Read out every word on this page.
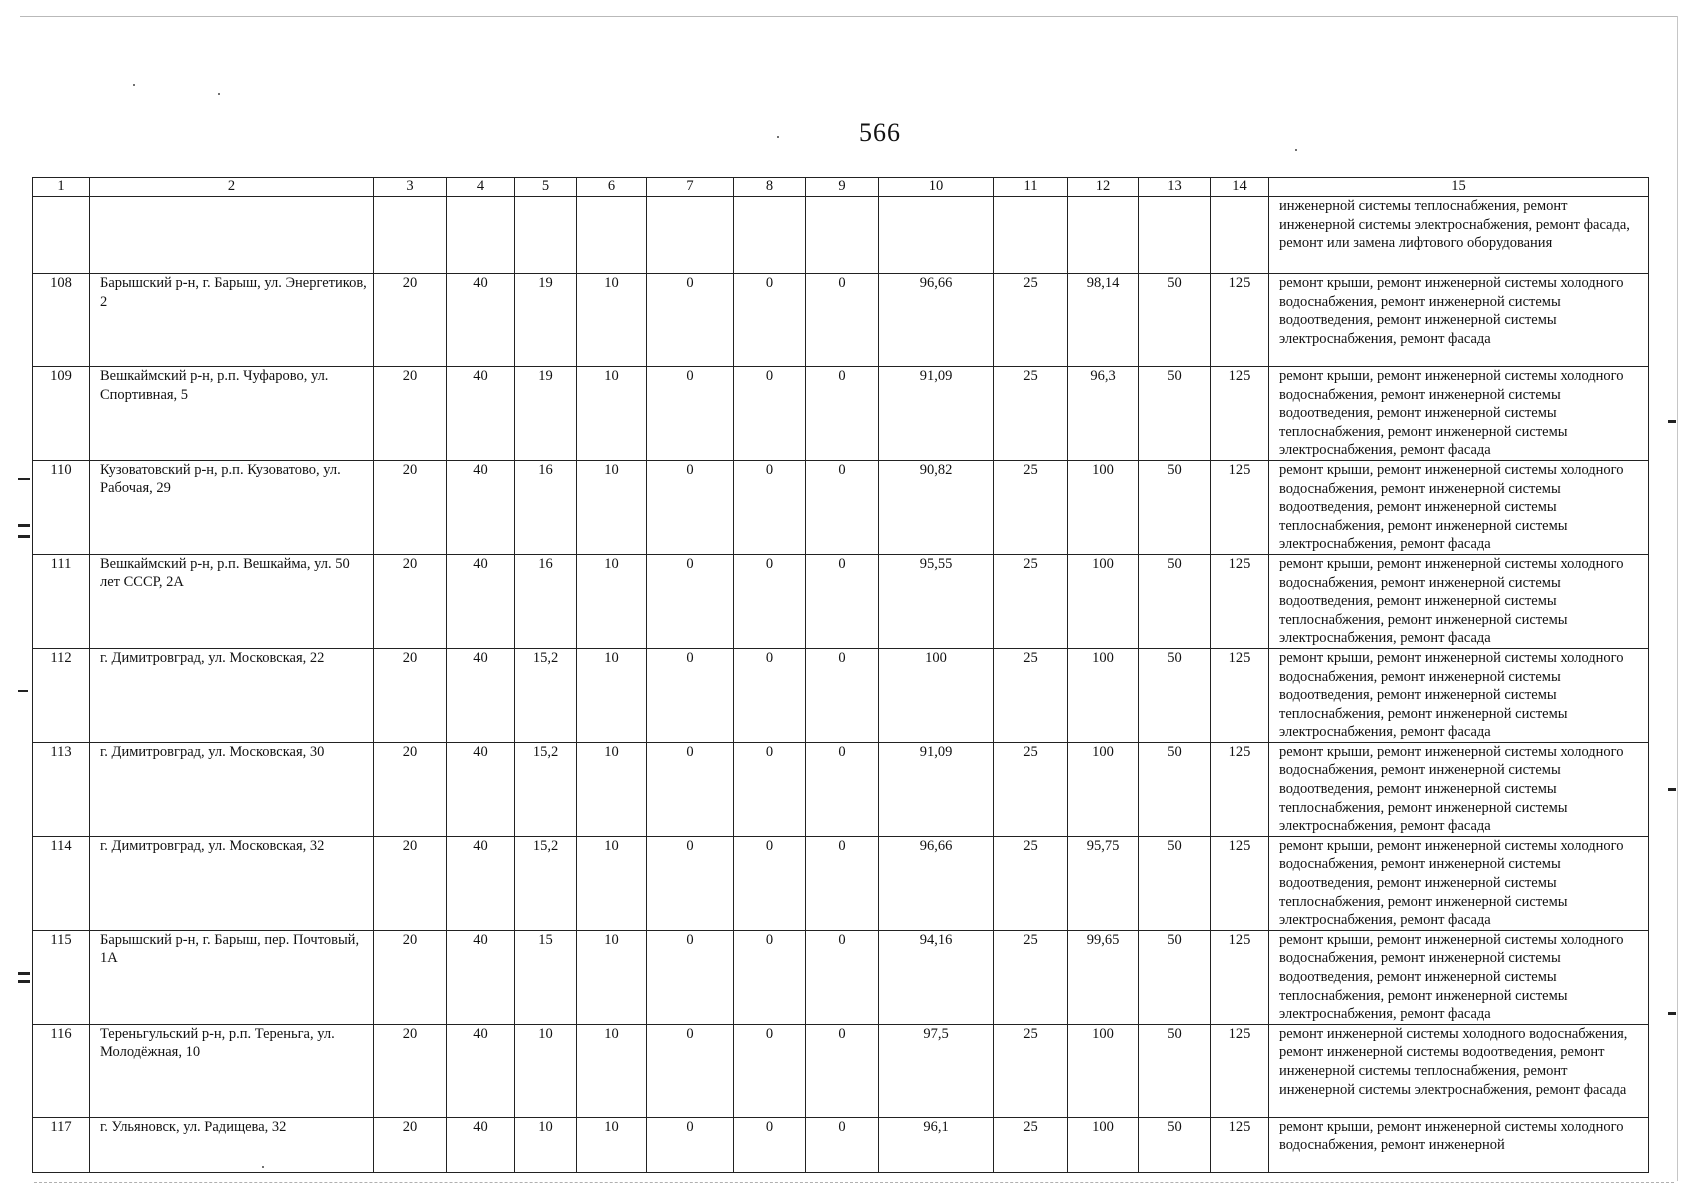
566
1	2	3	4	5	6	7	8	9	10	11	12	13	14	15
														инженерной системы теплоснабжения, ремонт инженерной системы электроснабжения, ремонт фасада, ремонт или замена лифтового оборудования
108	Барышский р-н, г. Барыш, ул. Энергетиков, 2	20	40	19	10	0	0	0	96,66	25	98,14	50	125	ремонт крыши, ремонт инженерной системы холодного водоснабжения, ремонт инженерной системы водоотведения, ремонт инженерной системы электроснабжения, ремонт фасада
109	Вешкаймский р-н, р.п. Чуфарово, ул. Спортивная, 5	20	40	19	10	0	0	0	91,09	25	96,3	50	125	ремонт крыши, ремонт инженерной системы холодного водоснабжения, ремонт инженерной системы водоотведения, ремонт инженерной системы теплоснабжения, ремонт инженерной системы электроснабжения, ремонт фасада
110	Кузоватовский р-н, р.п. Кузоватово, ул. Рабочая, 29	20	40	16	10	0	0	0	90,82	25	100	50	125	ремонт крыши, ремонт инженерной системы холодного водоснабжения, ремонт инженерной системы водоотведения, ремонт инженерной системы теплоснабжения, ремонт инженерной системы электроснабжения, ремонт фасада
111	Вешкаймский р-н, р.п. Вешкайма, ул. 50 лет СССР, 2А	20	40	16	10	0	0	0	95,55	25	100	50	125	ремонт крыши, ремонт инженерной системы холодного водоснабжения, ремонт инженерной системы водоотведения, ремонт инженерной системы теплоснабжения, ремонт инженерной системы электроснабжения, ремонт фасада
112	г. Димитровград, ул. Московская, 22	20	40	15,2	10	0	0	0	100	25	100	50	125	ремонт крыши, ремонт инженерной системы холодного водоснабжения, ремонт инженерной системы водоотведения, ремонт инженерной системы теплоснабжения, ремонт инженерной системы электроснабжения, ремонт фасада
113	г. Димитровград, ул. Московская, 30	20	40	15,2	10	0	0	0	91,09	25	100	50	125	ремонт крыши, ремонт инженерной системы холодного водоснабжения, ремонт инженерной системы водоотведения, ремонт инженерной системы теплоснабжения, ремонт инженерной системы электроснабжения, ремонт фасада
114	г. Димитровград, ул. Московская, 32	20	40	15,2	10	0	0	0	96,66	25	95,75	50	125	ремонт крыши, ремонт инженерной системы холодного водоснабжения, ремонт инженерной системы водоотведения, ремонт инженерной системы теплоснабжения, ремонт инженерной системы электроснабжения, ремонт фасада
115	Барышский р-н, г. Барыш, пер. Почтовый, 1А	20	40	15	10	0	0	0	94,16	25	99,65	50	125	ремонт крыши, ремонт инженерной системы холодного водоснабжения, ремонт инженерной системы водоотведения, ремонт инженерной системы теплоснабжения, ремонт инженерной системы электроснабжения, ремонт фасада
116	Тереньгульский р-н, р.п. Тереньга, ул. Молодёжная, 10	20	40	10	10	0	0	0	97,5	25	100	50	125	ремонт инженерной системы холодного водоснабжения, ремонт инженерной системы водоотведения, ремонт инженерной системы теплоснабжения, ремонт инженерной системы электроснабжения, ремонт фасада
117	г. Ульяновск, ул. Радищева, 32	20	40	10	10	0	0	0	96,1	25	100	50	125	ремонт крыши, ремонт инженерной системы холодного водоснабжения, ремонт инженерной
